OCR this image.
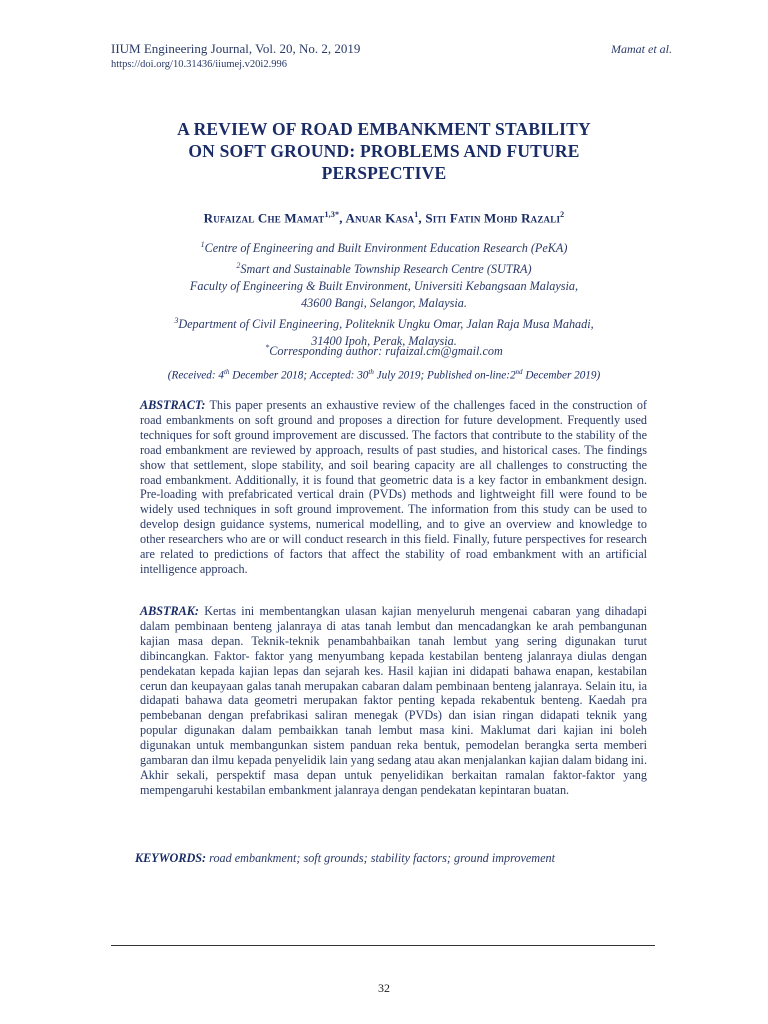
IIUM Engineering Journal, Vol. 20, No. 2, 2019
https://doi.org/10.31436/iiumej.v20i2.996
Mamat et al.
A REVIEW OF ROAD EMBANKMENT STABILITY
ON SOFT GROUND: PROBLEMS AND FUTURE
PERSPECTIVE
Rufaizal Che Mamat$^{1,3*}$, Anuar Kasa$^1$, Siti Fatin Mohd Razali$^2$
$^1$Centre of Engineering and Built Environment Education Research (PeKA)
$^2$Smart and Sustainable Township Research Centre (SUTRA)
Faculty of Engineering & Built Environment, Universiti Kebangsaan Malaysia,
43600 Bangi, Selangor, Malaysia.
$^3$Department of Civil Engineering, Politeknik Ungku Omar, Jalan Raja Musa Mahadi,
31400 Ipoh, Perak, Malaysia.
*Corresponding author: rufaizal.cm@gmail.com
(Received: 4th December 2018; Accepted: 30th July 2019; Published on-line:2nd December 2019)
ABSTRACT: This paper presents an exhaustive review of the challenges faced in the construction of road embankments on soft ground and proposes a direction for future development. Frequently used techniques for soft ground improvement are discussed. The factors that contribute to the stability of the road embankment are reviewed by approach, results of past studies, and historical cases. The findings show that settlement, slope stability, and soil bearing capacity are all challenges to constructing the road embankment. Additionally, it is found that geometric data is a key factor in embankment design. Pre-loading with prefabricated vertical drain (PVDs) methods and lightweight fill were found to be widely used techniques in soft ground improvement. The information from this study can be used to develop design guidance systems, numerical modelling, and to give an overview and knowledge to other researchers who are or will conduct research in this field. Finally, future perspectives for research are related to predictions of factors that affect the stability of road embankment with an artificial intelligence approach.
ABSTRAK: Kertas ini membentangkan ulasan kajian menyeluruh mengenai cabaran yang dihadapi dalam pembinaan benteng jalanraya di atas tanah lembut dan mencadangkan ke arah pembangunan kajian masa depan. Teknik-teknik penambahbaikan tanah lembut yang sering digunakan turut dibincangkan. Faktor- faktor yang menyumbang kepada kestabilan benteng jalanraya diulas dengan pendekatan kepada kajian lepas dan sejarah kes. Hasil kajian ini didapati bahawa enapan, kestabilan cerun dan keupayaan galas tanah merupakan cabaran dalam pembinaan benteng jalanraya. Selain itu, ia didapati bahawa data geometri merupakan faktor penting kepada rekabentuk benteng. Kaedah pra pembebanan dengan prefabrikasi saliran menegak (PVDs) dan isian ringan didapati teknik yang popular digunakan dalam pembaikkan tanah lembut masa kini. Maklumat dari kajian ini boleh digunakan untuk membangunkan sistem panduan reka bentuk, pemodelan berangka serta memberi gambaran dan ilmu kepada penyelidik lain yang sedang atau akan menjalankan kajian dalam bidang ini. Akhir sekali, perspektif masa depan untuk penyelidikan berkaitan ramalan faktor-faktor yang mempengaruhi kestabilan embankment jalanraya dengan pendekatan kepintaran buatan.
KEYWORDS: road embankment; soft grounds; stability factors; ground improvement
32
